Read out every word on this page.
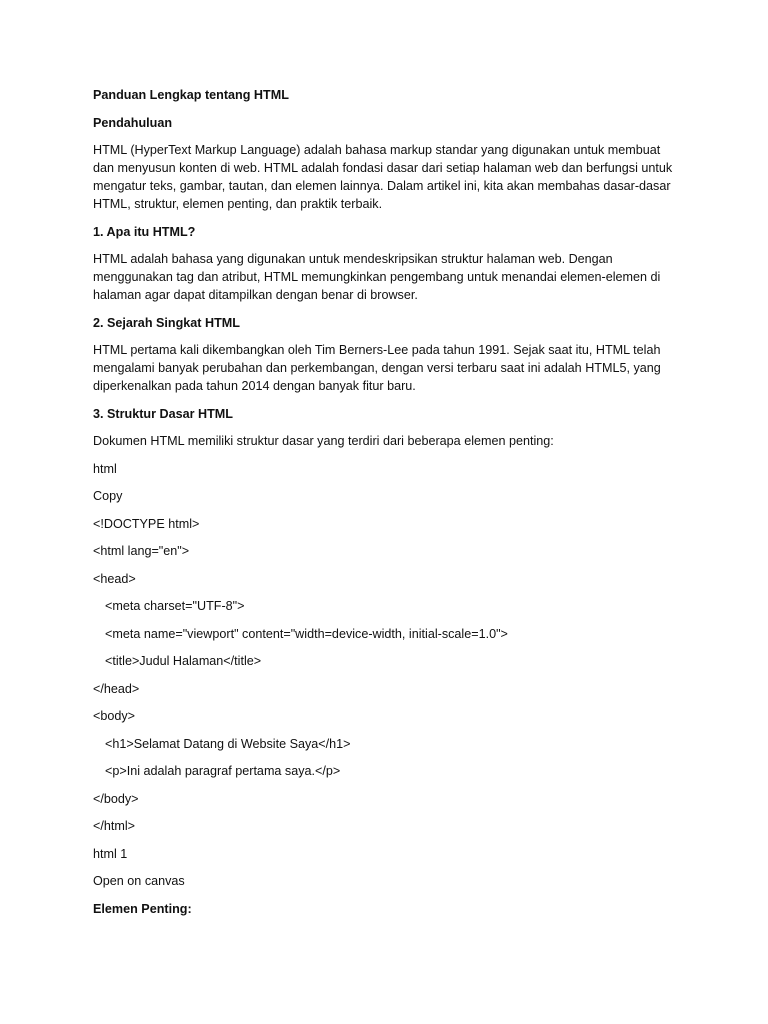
Panduan Lengkap tentang HTML

Pendahuluan

HTML (HyperText Markup Language) adalah bahasa markup standar yang digunakan untuk membuat dan menyusun konten di web. HTML adalah fondasi dasar dari setiap halaman web dan berfungsi untuk mengatur teks, gambar, tautan, dan elemen lainnya. Dalam artikel ini, kita akan membahas dasar-dasar HTML, struktur, elemen penting, dan praktik terbaik.

1. Apa itu HTML?

HTML adalah bahasa yang digunakan untuk mendeskripsikan struktur halaman web. Dengan menggunakan tag dan atribut, HTML memungkinkan pengembang untuk menandai elemen-elemen di halaman agar dapat ditampilkan dengan benar di browser.

2. Sejarah Singkat HTML

HTML pertama kali dikembangkan oleh Tim Berners-Lee pada tahun 1991. Sejak saat itu, HTML telah mengalami banyak perubahan dan perkembangan, dengan versi terbaru saat ini adalah HTML5, yang diperkenalkan pada tahun 2014 dengan banyak fitur baru.

3. Struktur Dasar HTML

Dokumen HTML memiliki struktur dasar yang terdiri dari beberapa elemen penting:

html

Copy

<!DOCTYPE html>

<html lang="en">

<head>

<meta charset="UTF-8">

<meta name="viewport" content="width=device-width, initial-scale=1.0">

<title>Judul Halaman</title>

</head>

<body>

<h1>Selamat Datang di Website Saya</h1>

<p>Ini adalah paragraf pertama saya.</p>

</body>

</html>

html 1

Open on canvas

Elemen Penting:
